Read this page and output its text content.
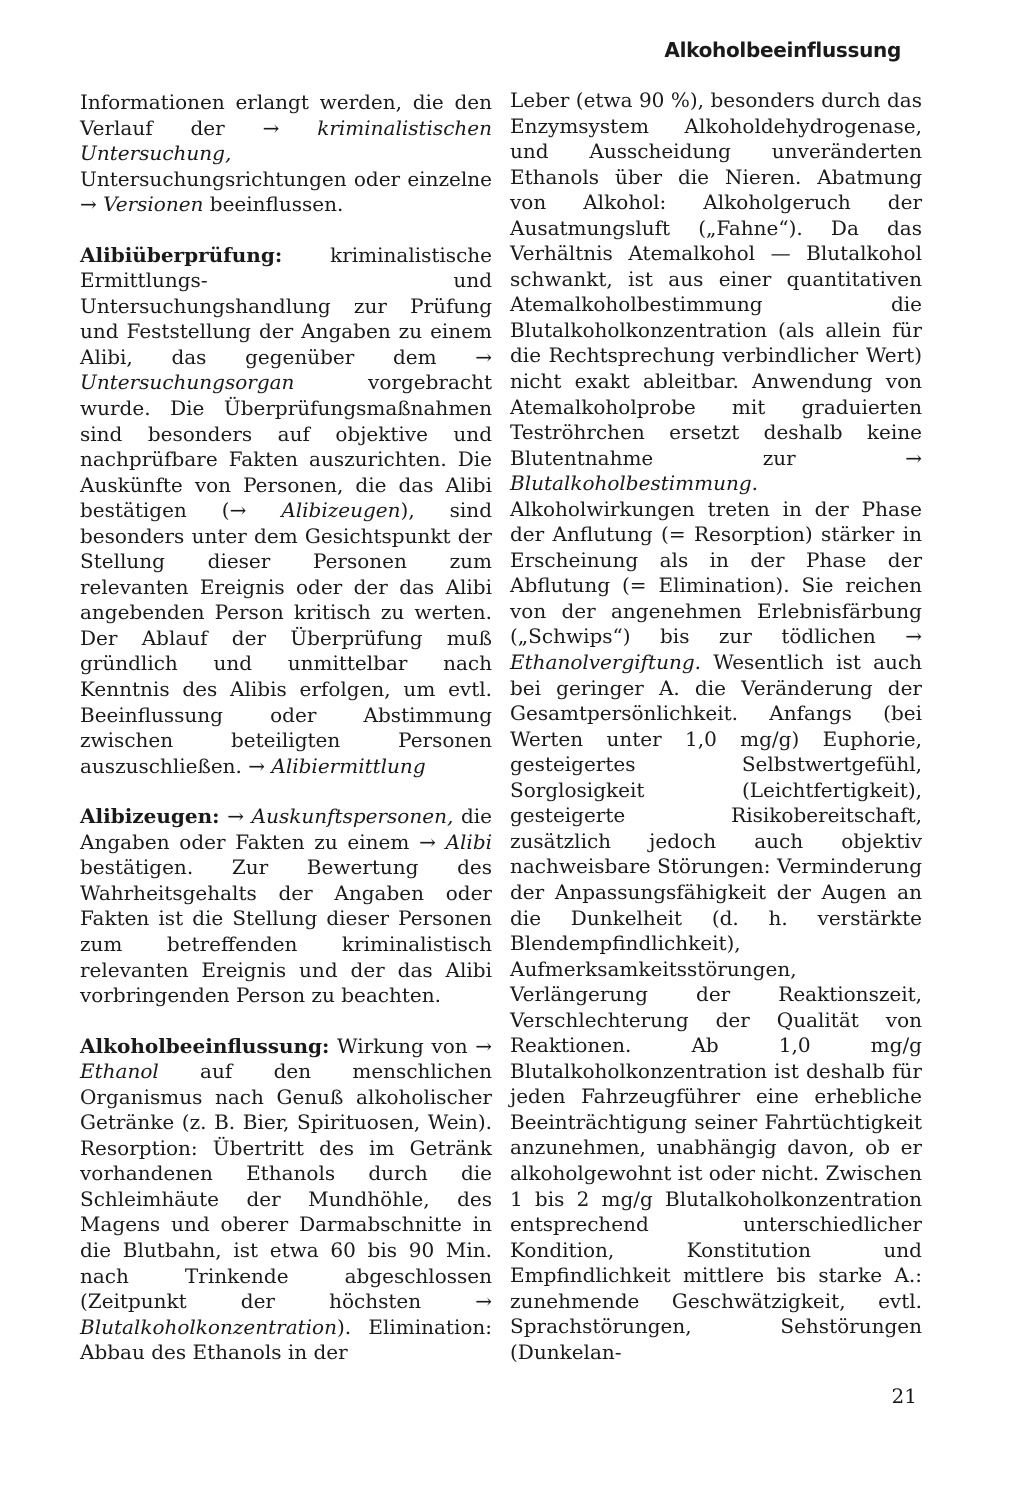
Alkoholbeeinflussung

Informationen erlangt werden, die den Verlauf der → kriminalistischen Untersuchung, Untersuchungsrichtungen oder einzelne → Versionen beeinflussen.

Alibiüberprüfung: kriminalistische Ermittlungs- und Untersuchungshandlung zur Prüfung und Feststellung der Angaben zu einem Alibi, das gegenüber dem → Untersuchungsorgan vorgebracht wurde. Die Überprüfungsmaßnahmen sind besonders auf objektive und nachprüfbare Fakten auszurichten. Die Auskünfte von Personen, die das Alibi bestätigen (→ Alibizeugen), sind besonders unter dem Gesichtspunkt der Stellung dieser Personen zum relevanten Ereignis oder der das Alibi angebenden Person kritisch zu werten. Der Ablauf der Überprüfung muß gründlich und unmittelbar nach Kenntnis des Alibis erfolgen, um evtl. Beeinflussung oder Abstimmung zwischen beteiligten Personen auszuschließen. → Alibiermittlung

Alibizeugen: → Auskunftspersonen, die Angaben oder Fakten zu einem → Alibi bestätigen. Zur Bewertung des Wahrheitsgehalts der Angaben oder Fakten ist die Stellung dieser Personen zum betreffenden kriminalistisch relevanten Ereignis und der das Alibi vorbringenden Person zu beachten.

Alkoholbeeinflussung: Wirkung von → Ethanol auf den menschlichen Organismus nach Genuß alkoholischer Getränke (z. B. Bier, Spirituosen, Wein). Resorption: Übertritt des im Getränk vorhandenen Ethanols durch die Schleimhäute der Mundhöhle, des Magens und oberer Darmabschnitte in die Blutbahn, ist etwa 60 bis 90 Min. nach Trinkende abgeschlossen (Zeitpunkt der höchsten → Blutalkoholkonzentration). Elimination: Abbau des Ethanols in der

Leber (etwa 90 %), besonders durch das Enzymsystem Alkoholdehydrogenase, und Ausscheidung unveränderten Ethanols über die Nieren. Abatmung von Alkohol: Alkoholgeruch der Ausatmungsluft („Fahne“). Da das Verhältnis Atemalkohol — Blutalkohol schwankt, ist aus einer quantitativen Atemalkoholbestimmung die Blutalkoholkonzentration (als allein für die Rechtsprechung verbindlicher Wert) nicht exakt ableitbar. Anwendung von Atemalkoholprobe mit graduierten Teströhrchen ersetzt deshalb keine Blutentnahme zur → Blutalkoholbestimmung. Alkoholwirkungen treten in der Phase der Anflutung (= Resorption) stärker in Erscheinung als in der Phase der Abflutung (= Elimination). Sie reichen von der angenehmen Erlebnisfärbung („Schwips“) bis zur tödlichen → Ethanolvergiftung. Wesentlich ist auch bei geringer A. die Veränderung der Gesamtpersönlichkeit. Anfangs (bei Werten unter 1,0 mg/g) Euphorie, gesteigertes Selbstwertgefühl, Sorglosigkeit (Leichtfertigkeit), gesteigerte Risikobereitschaft, zusätzlich jedoch auch objektiv nachweisbare Störungen: Verminderung der Anpassungsfähigkeit der Augen an die Dunkelheit (d. h. verstärkte Blendempfindlichkeit), Aufmerksamkeitsstörungen, Verlängerung der Reaktionszeit, Verschlechterung der Qualität von Reaktionen. Ab 1,0 mg/g Blutalkoholkonzentration ist deshalb für jeden Fahrzeugführer eine erhebliche Beeinträchtigung seiner Fahrtüchtigkeit anzunehmen, unabhängig davon, ob er alkoholgewohnt ist oder nicht. Zwischen 1 bis 2 mg/g Blutalkoholkonzentration entsprechend unterschiedlicher Kondition, Konstitution und Empfindlichkeit mittlere bis starke A.: zunehmende Geschwätzigkeit, evtl. Sprachstörungen, Sehstörungen (Dunkelan-

21
